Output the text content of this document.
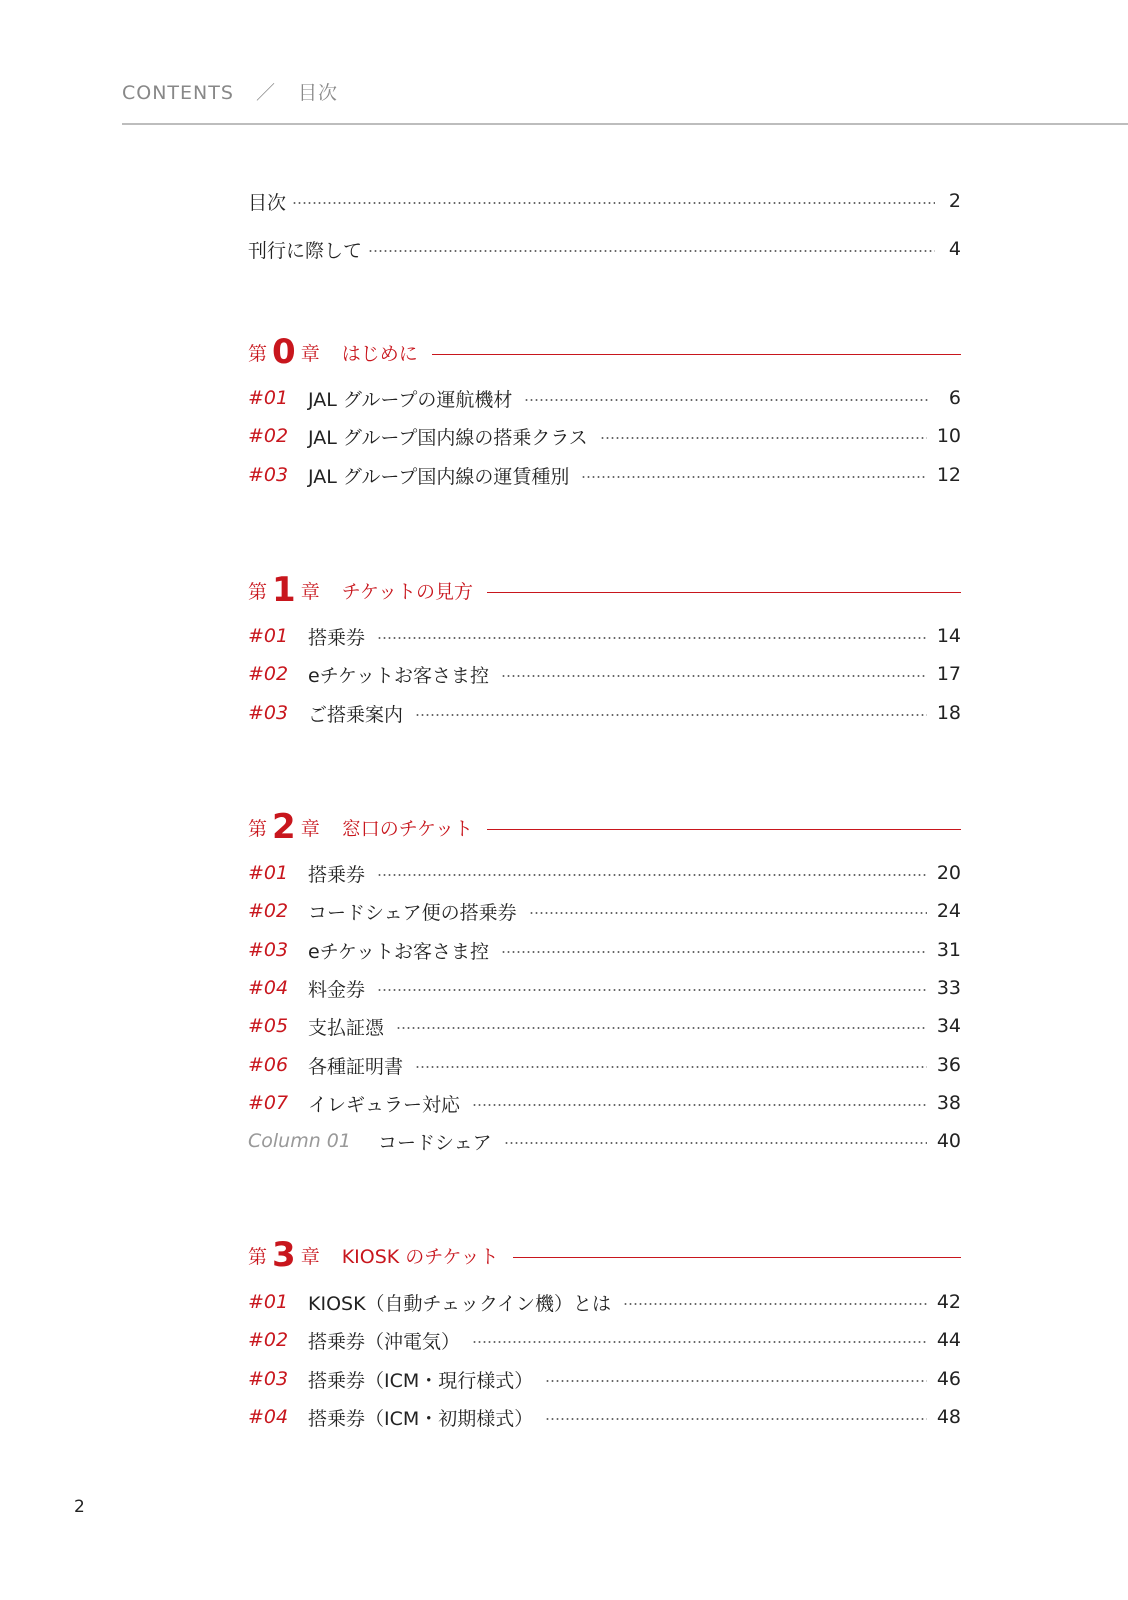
CONTENTS ／ 目次
目次	2
刊行に際して	4
第 0 章 はじめに
#01	JAL グループの運航機材	6
#02	JAL グループ国内線の搭乗クラス	10
#03	JAL グループ国内線の運賃種別	12
第 1 章 チケットの見方
#01	搭乗券	14
#02	eチケットお客さま控	17
#03	ご搭乗案内	18
第 2 章 窓口のチケット
#01	搭乗券	20
#02	コードシェア便の搭乗券	24
#03	eチケットお客さま控	31
#04	料金券	33
#05	支払証憑	34
#06	各種証明書	36
#07	イレギュラー対応	38
Column 01	コードシェア	40
第 3 章 KIOSK のチケット
#01	KIOSK（自動チェックイン機）とは	42
#02	搭乗券（沖電気）	44
#03	搭乗券（ICM・現行様式）	46
#04	搭乗券（ICM・初期様式）	48
2
